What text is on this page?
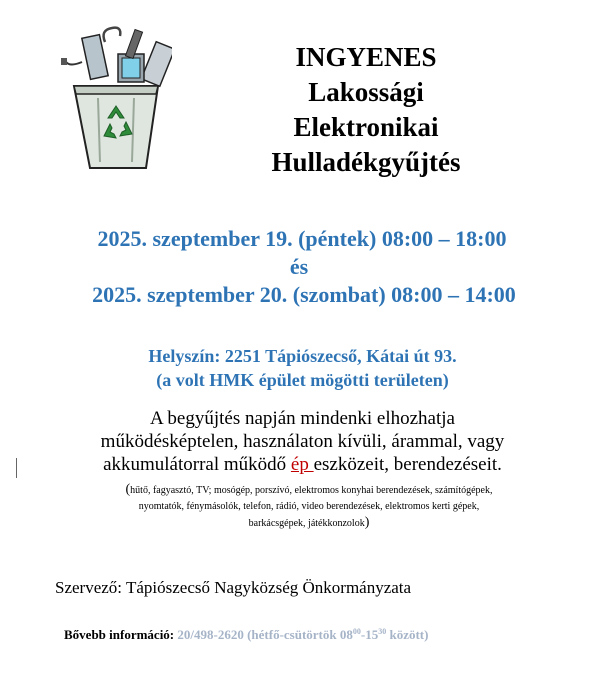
INGYENES
Lakossági
Elektronikai
Hulladékgyűjtés
2025. szeptember 19. (péntek) 08:00 – 18:00
és
2025. szeptember 20. (szombat) 08:00 – 14:00
Helyszín: 2251 Tápiószecső, Kátai út 93.
(a volt HMK épület mögötti területen)
A begyűjtés napján mindenki elhozhatja
működésképtelen, használaton kívüli, árammal, vagy
akkumulátorral működő ép eszközeit, berendezéseit.
(hűtő, fagyasztó, TV; mosógép, porszívó, elektromos konyhai berendezések, számítógépek,
nyomtatók, fénymásolók, telefon, rádió, video berendezések, elektromos kerti gépek,
barkácsgépek, játékkonzolok)
Szervező: Tápiószecső Nagyközség Önkormányzata
Bővebb információ: 20/498-2620 (hétfő-csütörtök $08^{00}-15^{30}$ között)
